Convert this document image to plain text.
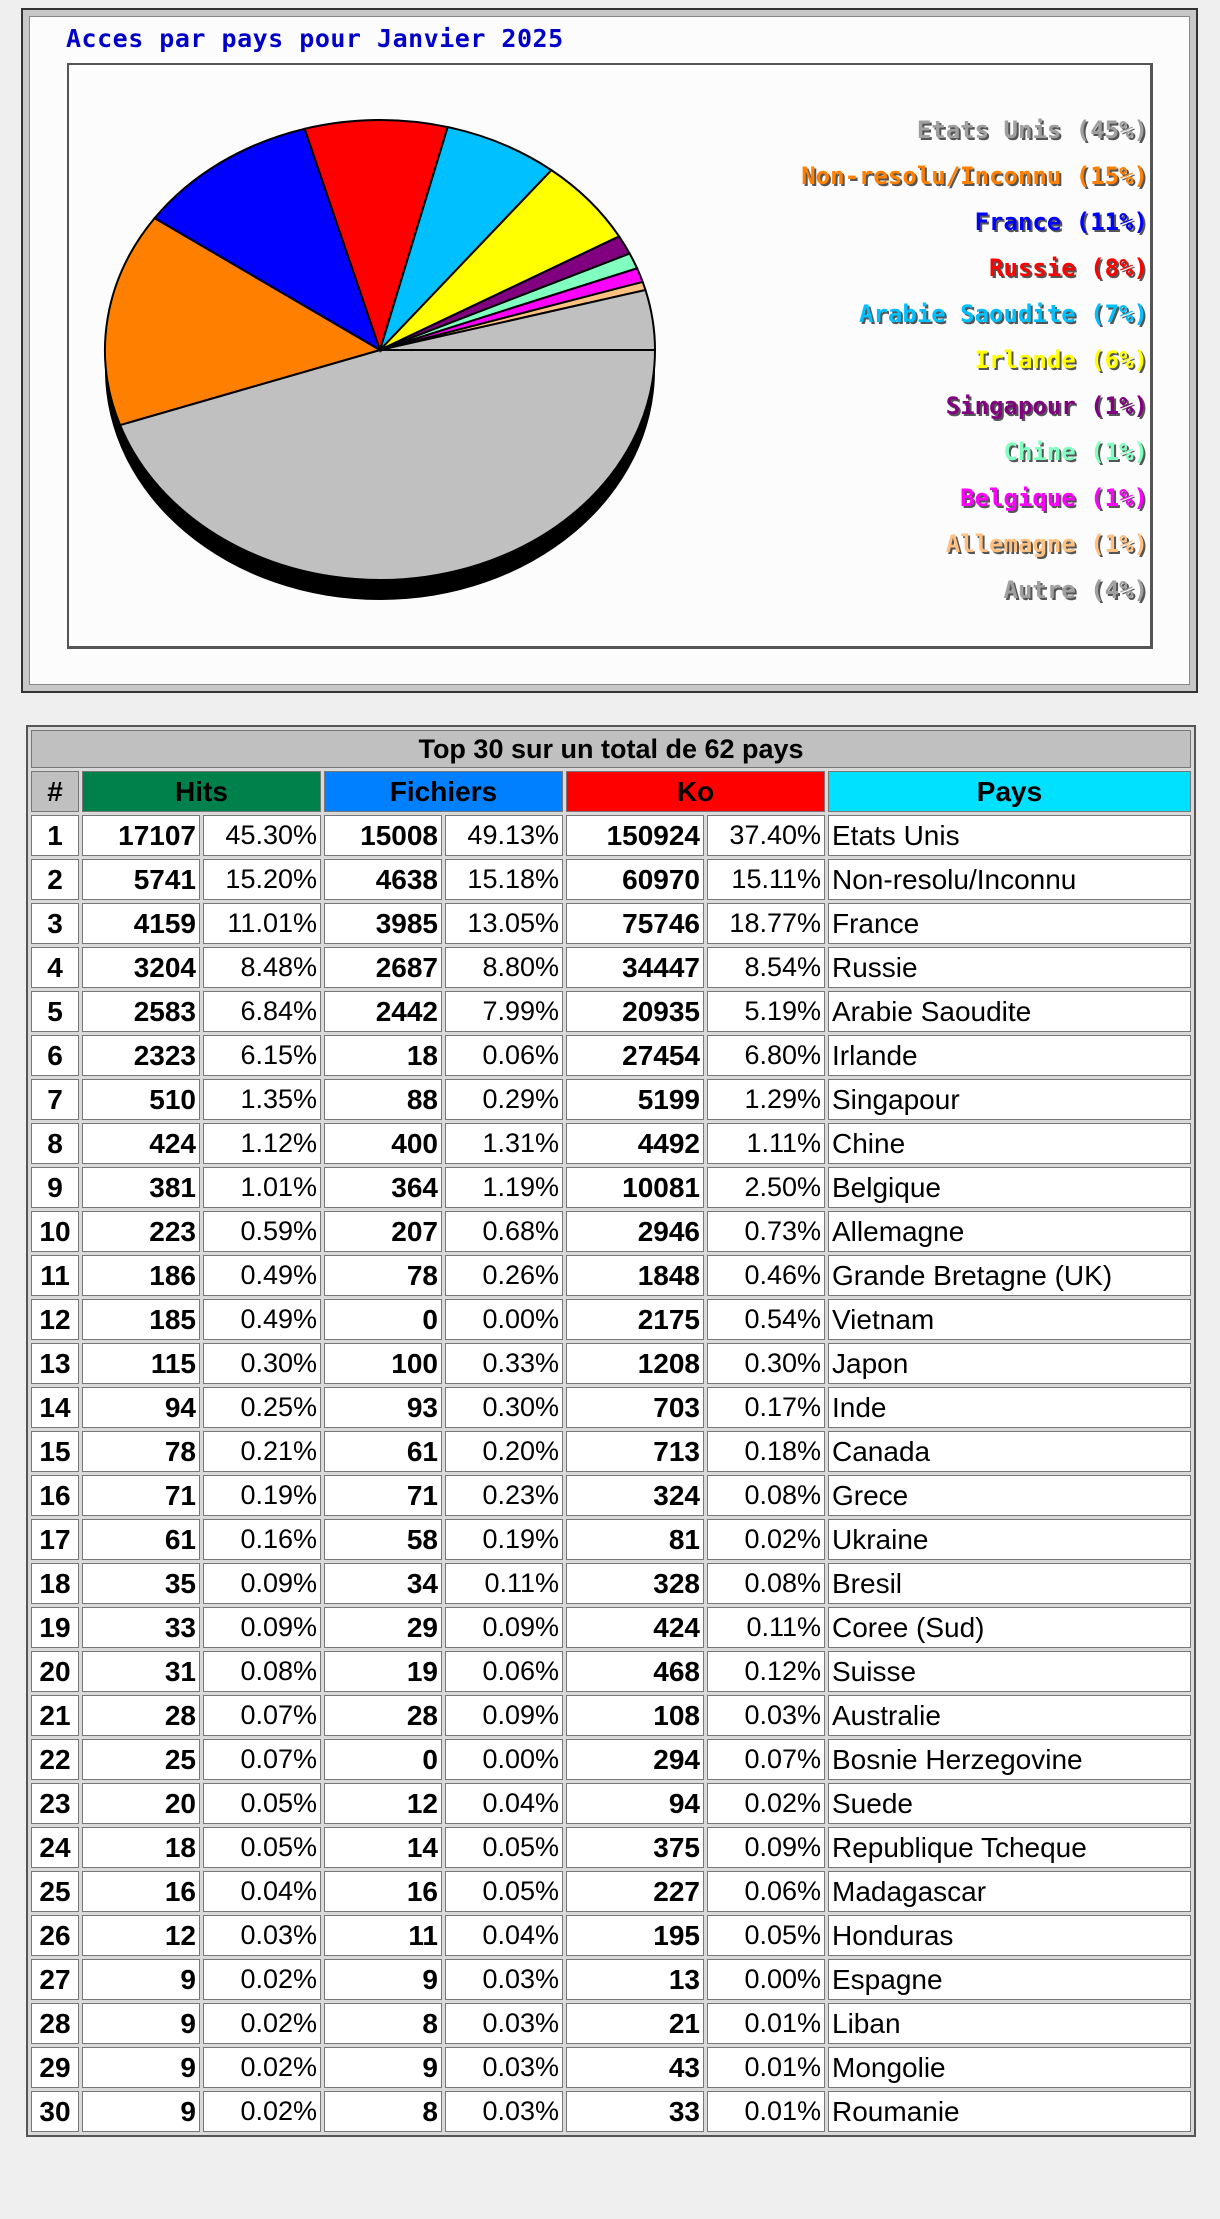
Acces par pays pour Janvier 2025
Etats Unis (45%)
Non-resolu/Inconnu (15%)
France (11%)
Russie (8%)
Arabie Saoudite (7%)
Irlande (6%)
Singapour (1%)
Chine (1%)
Belgique (1%)
Allemagne (1%)
Autre (4%)
Top 30 sur un total de 62 pays							
#	Hits		Fichiers		Ko		Pays
1	17107	45.30%	15008	49.13%	150924	37.40%	Etats Unis
2	5741	15.20%	4638	15.18%	60970	15.11%	Non-resolu/Inconnu
3	4159	11.01%	3985	13.05%	75746	18.77%	France
4	3204	8.48%	2687	8.80%	34447	8.54%	Russie
5	2583	6.84%	2442	7.99%	20935	5.19%	Arabie Saoudite
6	2323	6.15%	18	0.06%	27454	6.80%	Irlande
7	510	1.35%	88	0.29%	5199	1.29%	Singapour
8	424	1.12%	400	1.31%	4492	1.11%	Chine
9	381	1.01%	364	1.19%	10081	2.50%	Belgique
10	223	0.59%	207	0.68%	2946	0.73%	Allemagne
11	186	0.49%	78	0.26%	1848	0.46%	Grande Bretagne (UK)
12	185	0.49%	0	0.00%	2175	0.54%	Vietnam
13	115	0.30%	100	0.33%	1208	0.30%	Japon
14	94	0.25%	93	0.30%	703	0.17%	Inde
15	78	0.21%	61	0.20%	713	0.18%	Canada
16	71	0.19%	71	0.23%	324	0.08%	Grece
17	61	0.16%	58	0.19%	81	0.02%	Ukraine
18	35	0.09%	34	0.11%	328	0.08%	Bresil
19	33	0.09%	29	0.09%	424	0.11%	Coree (Sud)
20	31	0.08%	19	0.06%	468	0.12%	Suisse
21	28	0.07%	28	0.09%	108	0.03%	Australie
22	25	0.07%	0	0.00%	294	0.07%	Bosnie Herzegovine
23	20	0.05%	12	0.04%	94	0.02%	Suede
24	18	0.05%	14	0.05%	375	0.09%	Republique Tcheque
25	16	0.04%	16	0.05%	227	0.06%	Madagascar
26	12	0.03%	11	0.04%	195	0.05%	Honduras
27	9	0.02%	9	0.03%	13	0.00%	Espagne
28	9	0.02%	8	0.03%	21	0.01%	Liban
29	9	0.02%	9	0.03%	43	0.01%	Mongolie
30	9	0.02%	8	0.03%	33	0.01%	Roumanie
